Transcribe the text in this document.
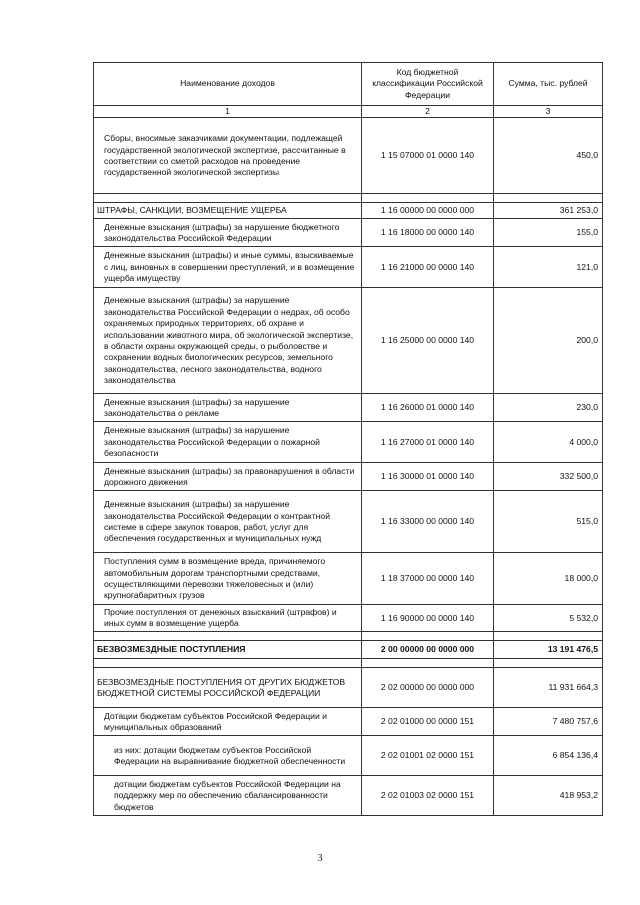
Наименование доходов	Код бюджетной классификации Российской Федерации	Сумма, тыс. рублей
1	2	3
Сборы, вносимые заказчиками документации, подлежащей государственной экологической экспертизе, рассчитанные в соответствии со сметой расходов на проведение государственной экологической экспертизы	1 15 07000 01 0000 140	450,0

ШТРАФЫ, САНКЦИИ, ВОЗМЕЩЕНИЕ УЩЕРБА	1 16 00000 00 0000 000	361 253,0
Денежные взыскания (штрафы) за нарушение бюджетного законодательства Российской Федерации	1 16 18000 00 0000 140	155,0
Денежные взыскания (штрафы) и иные суммы, взыскиваемые с лиц, виновных в совершении преступлений, и в возмещение ущерба имуществу	1 16 21000 00 0000 140	121,0
Денежные взыскания (штрафы) за нарушение законодательства Российской Федерации о недрах, об особо охраняемых природных территориях, об охране и использовании животного мира, об экологической экспертизе, в области охраны окружающей среды, о рыболовстве и сохранении водных биологических ресурсов, земельного законодательства, лесного законодательства, водного законодательства	1 16 25000 00 0000 140	200,0
Денежные взыскания (штрафы) за нарушение законодательства о рекламе	1 16 26000 01 0000 140	230,0
Денежные взыскания (штрафы) за нарушение законодательства Российской Федерации о пожарной безопасности	1 16 27000 01 0000 140	4 000,0
Денежные взыскания (штрафы) за правонарушения в области дорожного движения	1 16 30000 01 0000 140	332 500,0
Денежные взыскания (штрафы) за нарушение законодательства Российской Федерации о контрактной системе в сфере закупок товаров, работ, услуг для обеспечения государственных и муниципальных нужд	1 16 33000 00 0000 140	515,0
Поступления сумм в возмещение вреда, причиняемого автомобильным дорогам транспортными средствами, осуществляющими перевозки тяжеловесных и (или) крупногабаритных грузов	1 18 37000 00 0000 140	18 000,0
Прочие поступления от денежных взысканий (штрафов) и иных сумм в возмещение ущерба	1 16 90000 00 0000 140	5 532,0

БЕЗВОЗМЕЗДНЫЕ ПОСТУПЛЕНИЯ	2 00 00000 00 0000 000	13 191 476,5

БЕЗВОЗМЕЗДНЫЕ ПОСТУПЛЕНИЯ ОТ ДРУГИХ БЮДЖЕТОВ БЮДЖЕТНОЙ СИСТЕМЫ РОССИЙСКОЙ ФЕДЕРАЦИИ	2 02 00000 00 0000 000	11 931 664,3
Дотации бюджетам субъектов Российской Федерации и муниципальных образований	2 02 01000 00 0000 151	7 480 757,6
из них: дотации бюджетам субъектов Российской Федерации на выравнивание бюджетной обеспеченности	2 02 01001 02 0000 151	6 854 136,4
дотации бюджетам субъектов Российской Федерации на поддержку мер по обеспечению сбалансированности бюджетов	2 02 01003 02 0000 151	418 953,2
3
